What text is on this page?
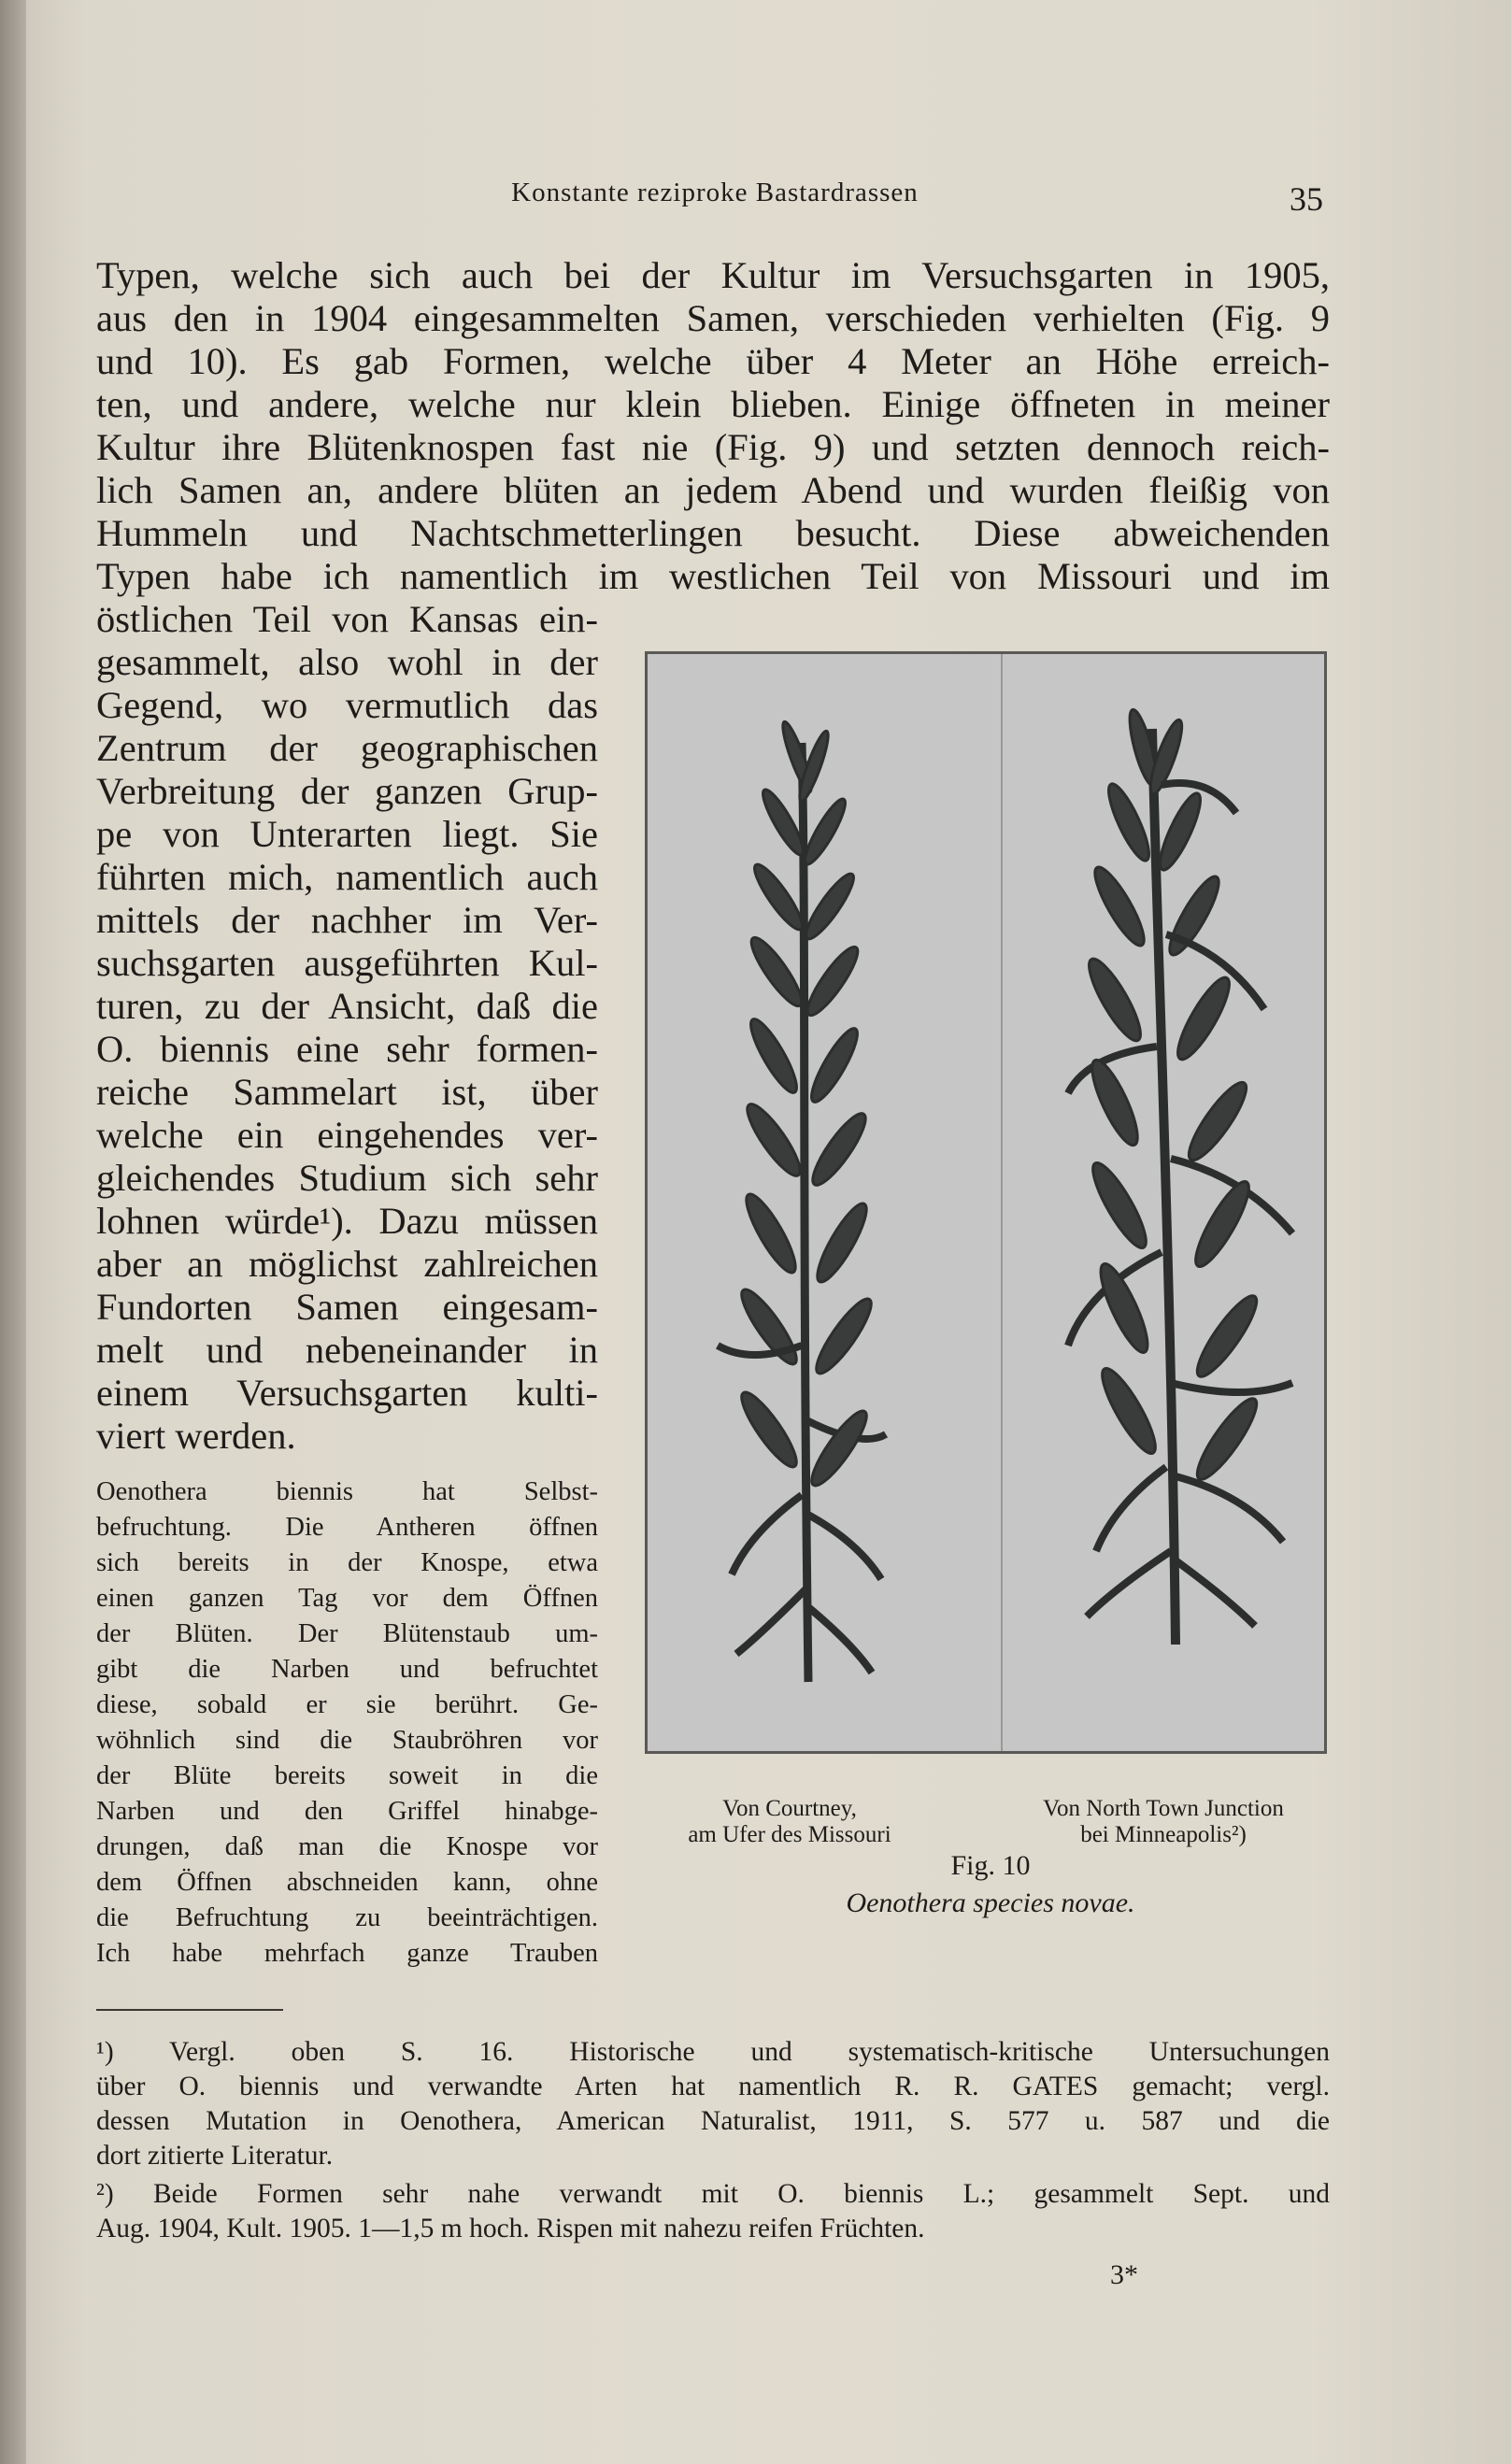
Konstante reziproke Bastardrassen	35
Typen, welche sich auch bei der Kultur im Versuchsgarten in 1905,
aus den in 1904 eingesammelten Samen, verschieden verhielten (Fig. 9
und 10). Es gab Formen, welche über 4 Meter an Höhe erreich-
ten, und andere, welche nur klein blieben. Einige öffneten in meiner
Kultur ihre Blütenknospen fast nie (Fig. 9) und setzten dennoch reich-
lich Samen an, andere blüten an jedem Abend und wurden fleißig von
Hummeln und Nachtschmetterlingen besucht. Diese abweichenden
Typen habe ich namentlich im westlichen Teil von Missouri und im
östlichen Teil von Kansas ein-
gesammelt, also wohl in der
Gegend, wo vermutlich das
Zentrum der geographischen
Verbreitung der ganzen Grup-
pe von Unterarten liegt. Sie
führten mich, namentlich auch
mittels der nachher im Ver-
suchsgarten ausgeführten Kul-
turen, zu der Ansicht, daß die
O. biennis eine sehr formen-
reiche Sammelart ist, über
welche ein eingehendes ver-
gleichendes Studium sich sehr
lohnen würde¹). Dazu müssen
aber an möglichst zahlreichen
Fundorten Samen eingesam-
melt und nebeneinander in
einem Versuchsgarten kulti-
viert werden.
Oenothera biennis hat Selbst-
befruchtung. Die Antheren öffnen
sich bereits in der Knospe, etwa
einen ganzen Tag vor dem Öffnen
der Blüten. Der Blütenstaub um-
gibt die Narben und befruchtet
diese, sobald er sie berührt. Ge-
wöhnlich sind die Staubröhren vor
der Blüte bereits soweit in die
Narben und den Griffel hinabge-
drungen, daß man die Knospe vor
dem Öffnen abschneiden kann, ohne
die Befruchtung zu beeinträchtigen.
Ich habe mehrfach ganze Trauben
Von Courtney,
am Ufer des Missouri
Von North Town Junction
bei Minneapolis²)
Fig. 10
Oenothera species novae.
¹) Vergl. oben S. 16. Historische und systematisch-kritische Untersuchungen
über O. biennis und verwandte Arten hat namentlich R. R. GATES gemacht; vergl.
dessen Mutation in Oenothera, American Naturalist, 1911, S. 577 u. 587 und die
dort zitierte Literatur.
²) Beide Formen sehr nahe verwandt mit O. biennis L.; gesammelt Sept. und
Aug. 1904, Kult. 1905. 1—1,5 m hoch. Rispen mit nahezu reifen Früchten.
3*
